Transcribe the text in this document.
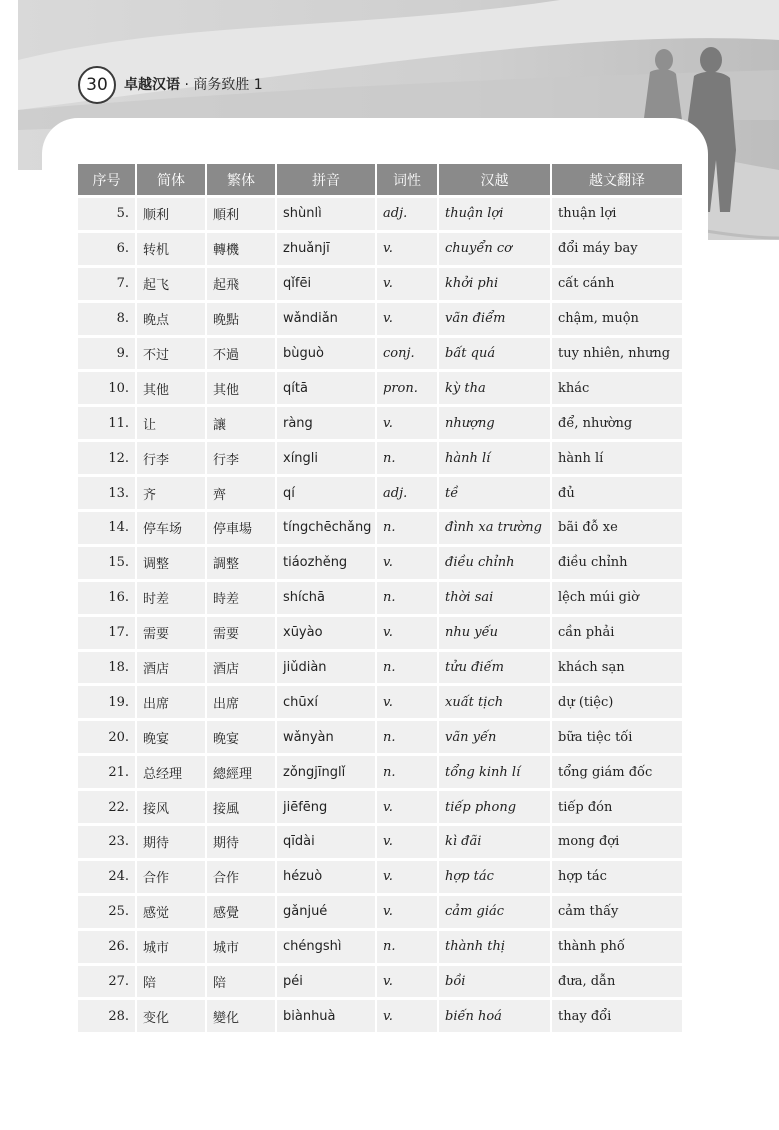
30	卓越汉语 · 商务致胜 1
序号	简体	繁体	拼音	词性	汉越	越文翻译
5.	顺利	順利	shùnlì	adj.	thuận lợi	thuận lợi
6.	转机	轉機	zhuǎnjī	v.	chuyển cơ	đổi máy bay
7.	起飞	起飛	qǐfēi	v.	khởi phi	cất cánh
8.	晚点	晚點	wǎndiǎn	v.	vãn điểm	chậm, muộn
9.	不过	不過	bùguò	conj.	bất quá	tuy nhiên, nhưng
10.	其他	其他	qítā	pron.	kỳ tha	khác
11.	让	讓	ràng	v.	nhượng	để, nhường
12.	行李	行李	xíngli	n.	hành lí	hành lí
13.	齐	齊	qí	adj.	tề	đủ
14.	停车场	停車場	tíngchēchǎng	n.	đình xa trường	bãi đỗ xe
15.	调整	調整	tiáozhěng	v.	điều chỉnh	điều chỉnh
16.	时差	時差	shíchā	n.	thời sai	lệch múi giờ
17.	需要	需要	xūyào	v.	nhu yếu	cần phải
18.	酒店	酒店	jiǔdiàn	n.	tửu điếm	khách sạn
19.	出席	出席	chūxí	v.	xuất tịch	dự (tiệc)
20.	晚宴	晚宴	wǎnyàn	n.	vãn yến	bữa tiệc tối
21.	总经理	總經理	zǒngjīnglǐ	n.	tổng kinh lí	tổng giám đốc
22.	接风	接風	jiēfēng	v.	tiếp phong	tiếp đón
23.	期待	期待	qīdài	v.	kì đãi	mong đợi
24.	合作	合作	hézuò	v.	hợp tác	hợp tác
25.	感觉	感覺	gǎnjué	v.	cảm giác	cảm thấy
26.	城市	城市	chéngshì	n.	thành thị	thành phố
27.	陪	陪	péi	v.	bồi	đưa, dẫn
28.	变化	變化	biànhuà	v.	biến hoá	thay đổi
